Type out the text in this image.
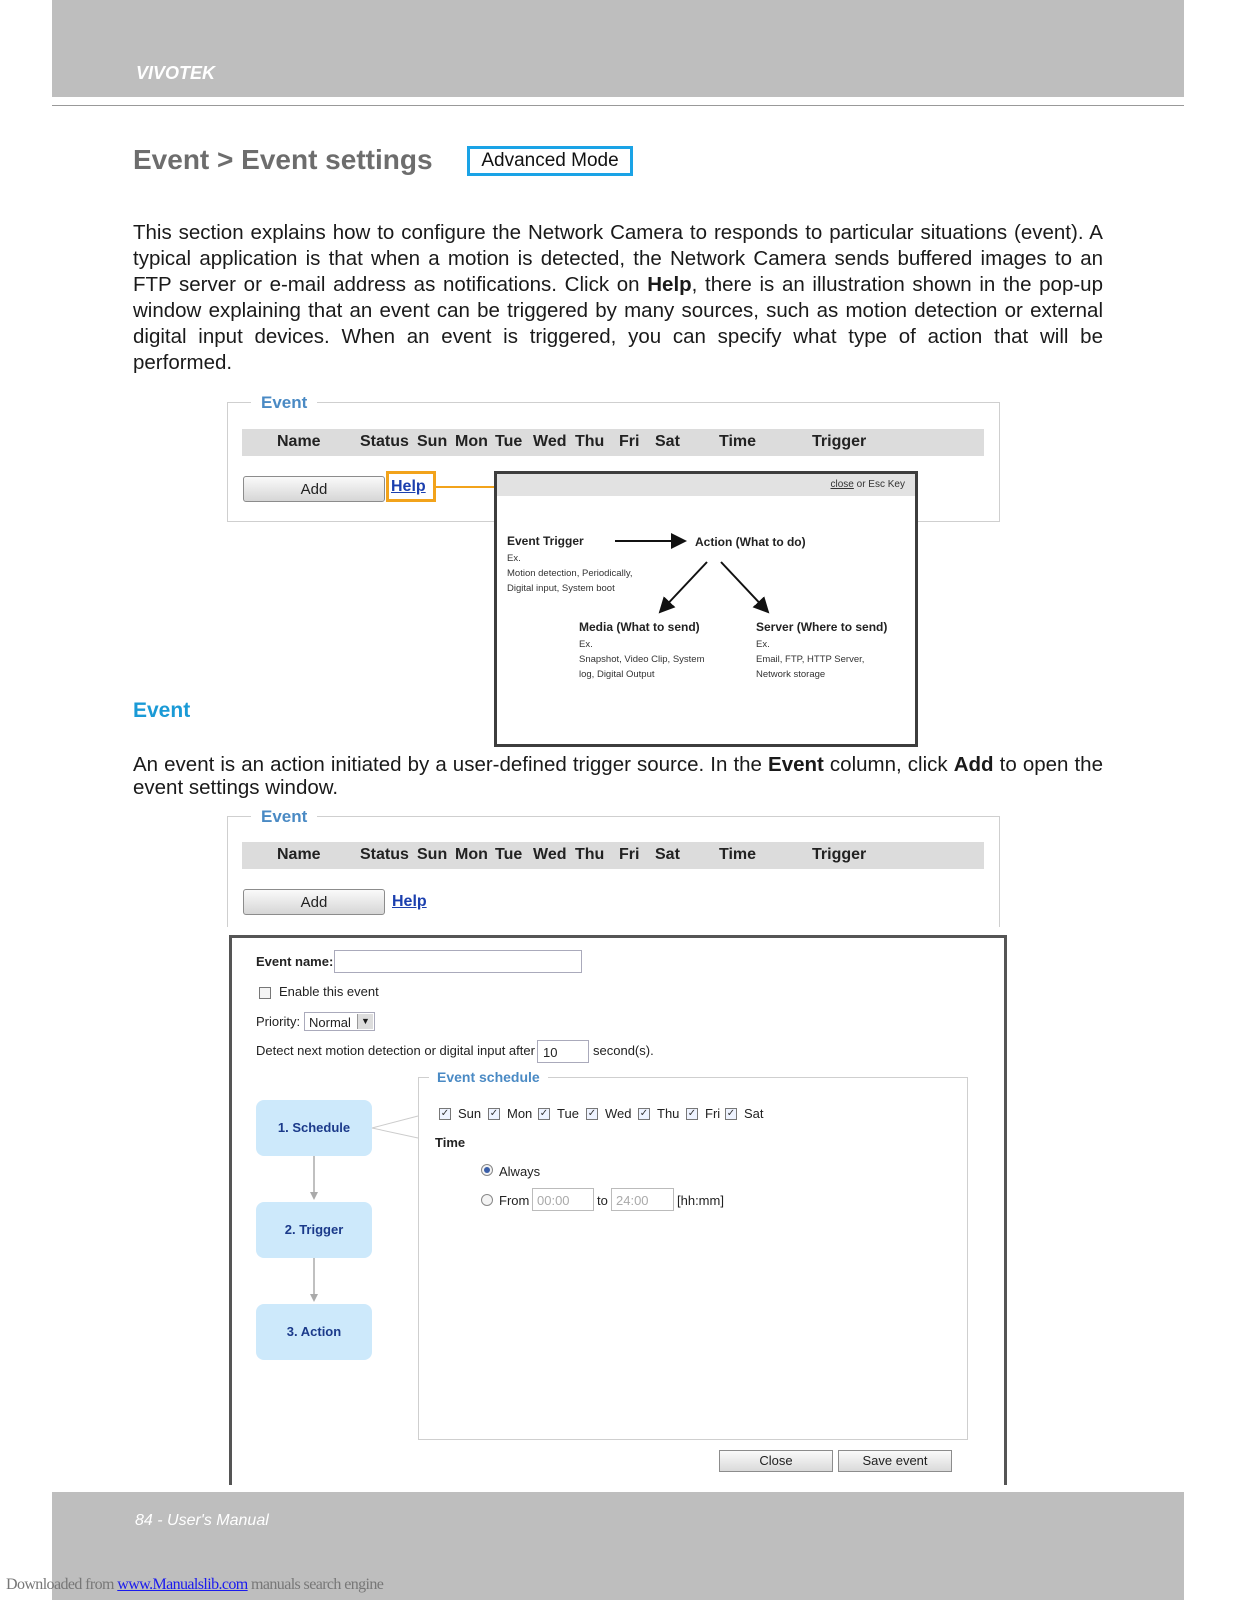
VIVOTEK
Event > Event settings	Advanced Mode
This section explains how to configure the Network Camera to responds to particular situations (event). A typical application is that when a motion is detected, the Network Camera sends buffered images to an FTP server or e-mail address as notifications. Click on Help, there is an illustration shown in the pop-up window explaining that an event can be triggered by many sources, such as motion detection or external digital input devices. When an event is triggered, you can specify what type of action that will be performed.
Event
Name Status Sun Mon Tue Wed Thu Fri Sat Time	Trigger
Add	Help	close or Esc Key
Event Trigger
Ex.
Motion detection, Periodically,
Digital input, System boot
Action (What to do)
Media (What to send)
Ex.
Snapshot, Video Clip, System
log, Digital Output
Server (Where to send)
Ex.
Email, FTP, HTTP Server,
Network storage
Event
An event is an action initiated by a user-defined trigger source. In the Event column, click Add to open the event settings window.
Event
Name Status Sun Mon Tue Wed Thu Fri Sat Time	Trigger
Add	Help
Event name:
Enable this event
Priority: Normal	▼
Detect next motion detection or digital input after 10	second(s).
1. Schedule
2. Trigger
3. Action
Event schedule
✓ Sun ✓ Mon ✓ Tue ✓ Wed ✓ Thu ✓ Fri ✓ Sat
Time
Always
From 00:00 to 24:00 [hh:mm]
Close	Save event
84 - User's Manual
Downloaded from www.Manualslib.com manuals search engine
